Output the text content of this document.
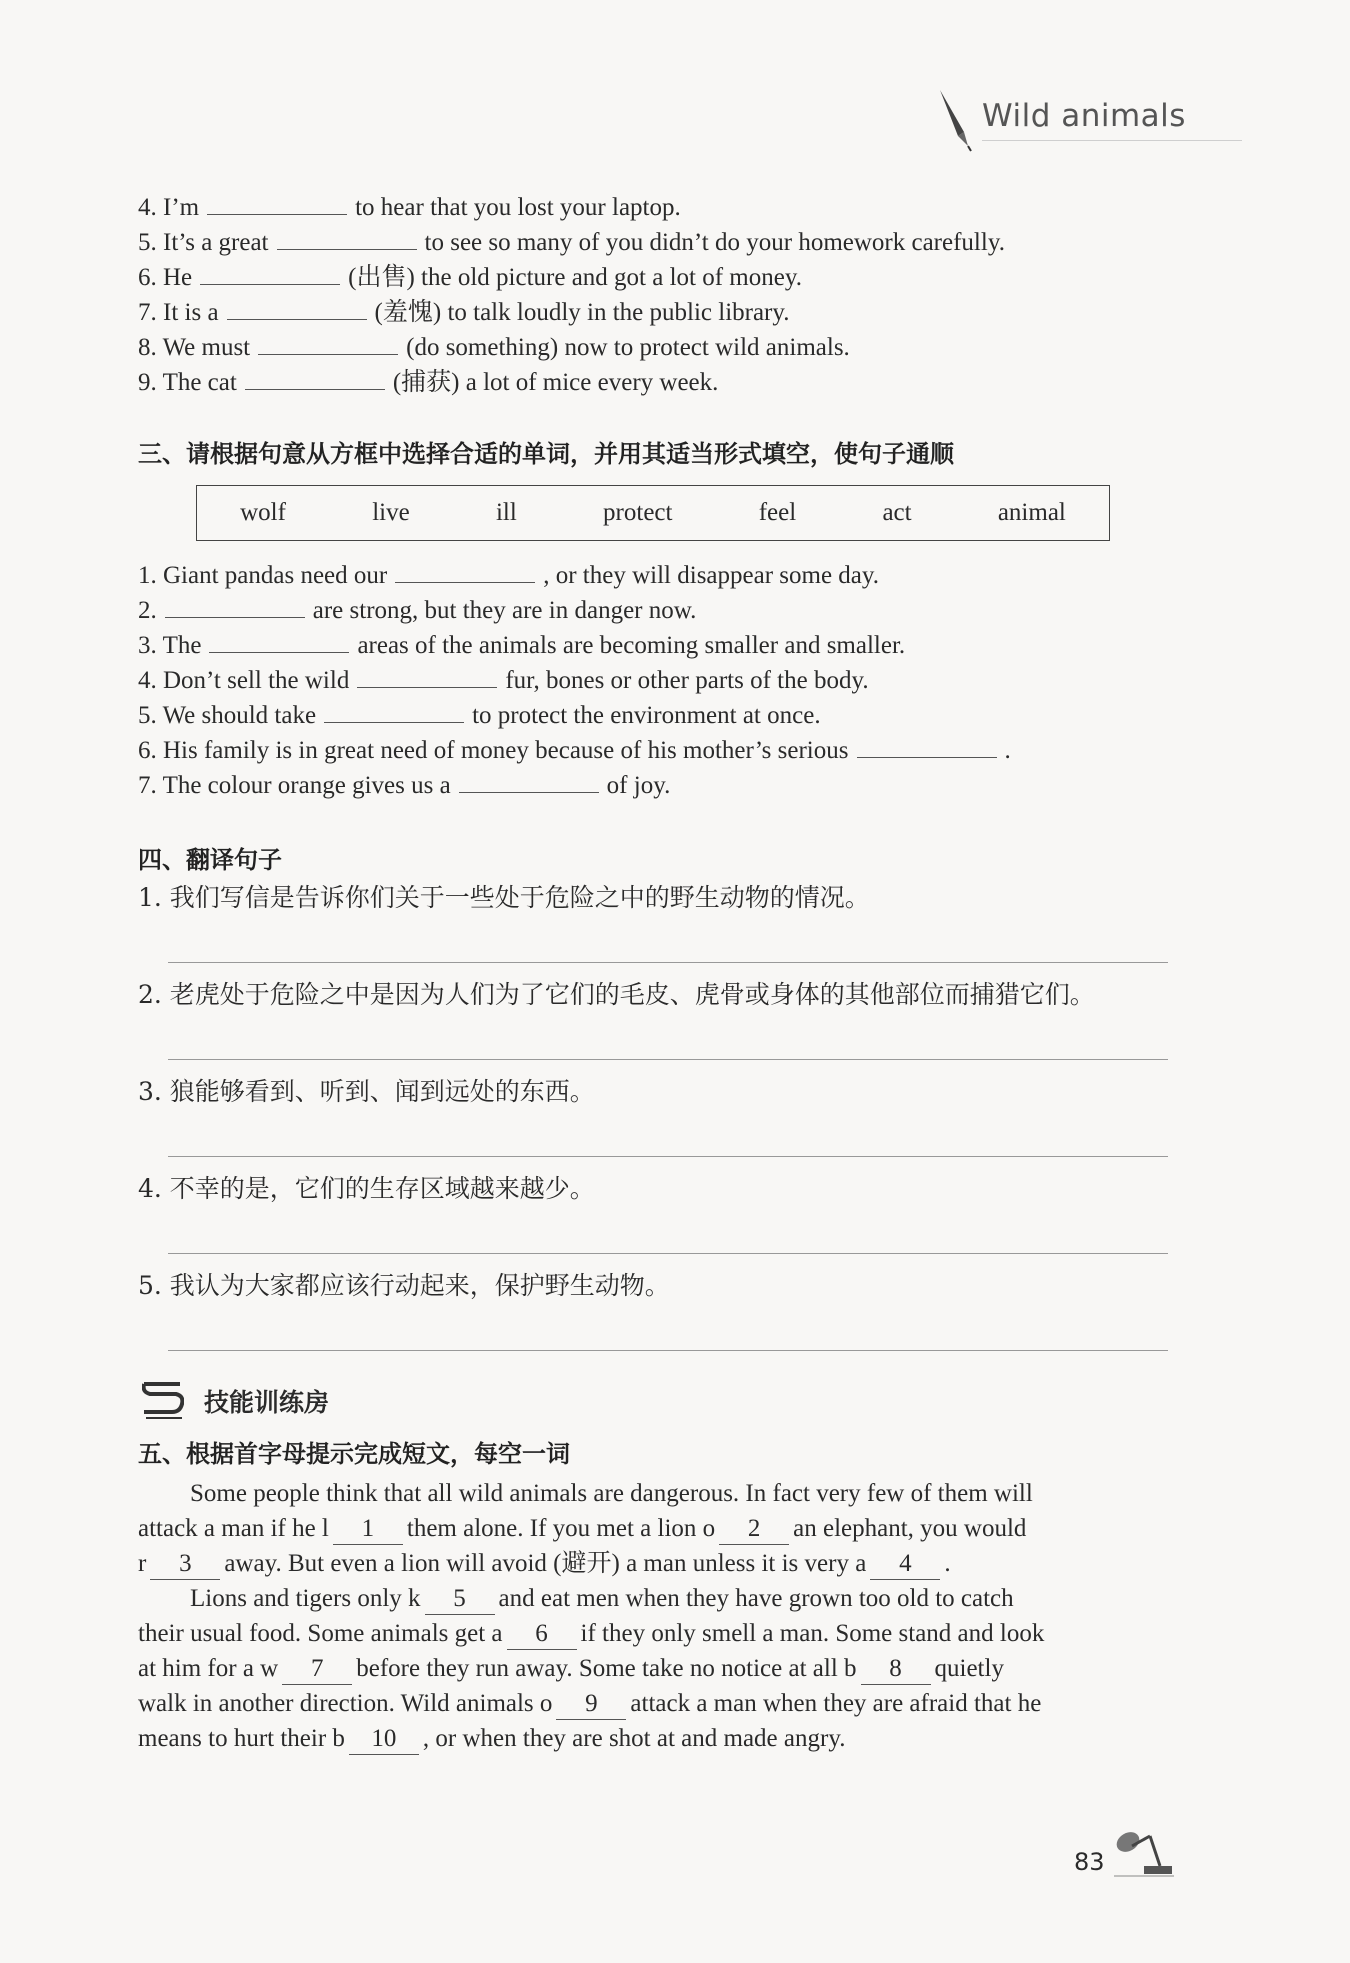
Wild animals
4. I’m	to hear that you lost your laptop.
5. It’s a great	to see so many of you didn’t do your homework carefully.
6. He	(出售) the old picture and got a lot of money.
7. It is a	(羞愧) to talk loudly in the public library.
8. We must	(do something) now to protect wild animals.
9. The cat	(捕获) a lot of mice every week.
三、请根据句意从方框中选择合适的单词，并用其适当形式填空，使句子通顺
wolf	live	ill	protect	feel	act	animal
1. Giant pandas need our	, or they will disappear some day.
2.	are strong, but they are in danger now.
3. The	areas of the animals are becoming smaller and smaller.
4. Don’t sell the wild	fur, bones or other parts of the body.
5. We should take	to protect the environment at once.
6. His family is in great need of money because of his mother’s serious	.
7. The colour orange gives us a	of joy.
四、翻译句子
1. 我们写信是告诉你们关于一些处于危险之中的野生动物的情况。
2. 老虎处于危险之中是因为人们为了它们的毛皮、虎骨或身体的其他部位而捕猎它们。
3. 狼能够看到、听到、闻到远处的东西。
4. 不幸的是，它们的生存区域越来越少。
5. 我认为大家都应该行动起来，保护野生动物。
技能训练房
五、根据首字母提示完成短文，每空一词
Some people think that all wild animals are dangerous. In fact very few of them will
attack a man if he l 1 them alone. If you met a lion o 2 an elephant, you would
r 3 away. But even a lion will avoid (避开) a man unless it is very a 4 .
Lions and tigers only k 5 and eat men when they have grown too old to catch
their usual food. Some animals get a 6 if they only smell a man. Some stand and look
at him for a w 7 before they run away. Some take no notice at all b 8 quietly
walk in another direction. Wild animals o 9 attack a man when they are afraid that he
means to hurt their b 10 , or when they are shot at and made angry.
83
